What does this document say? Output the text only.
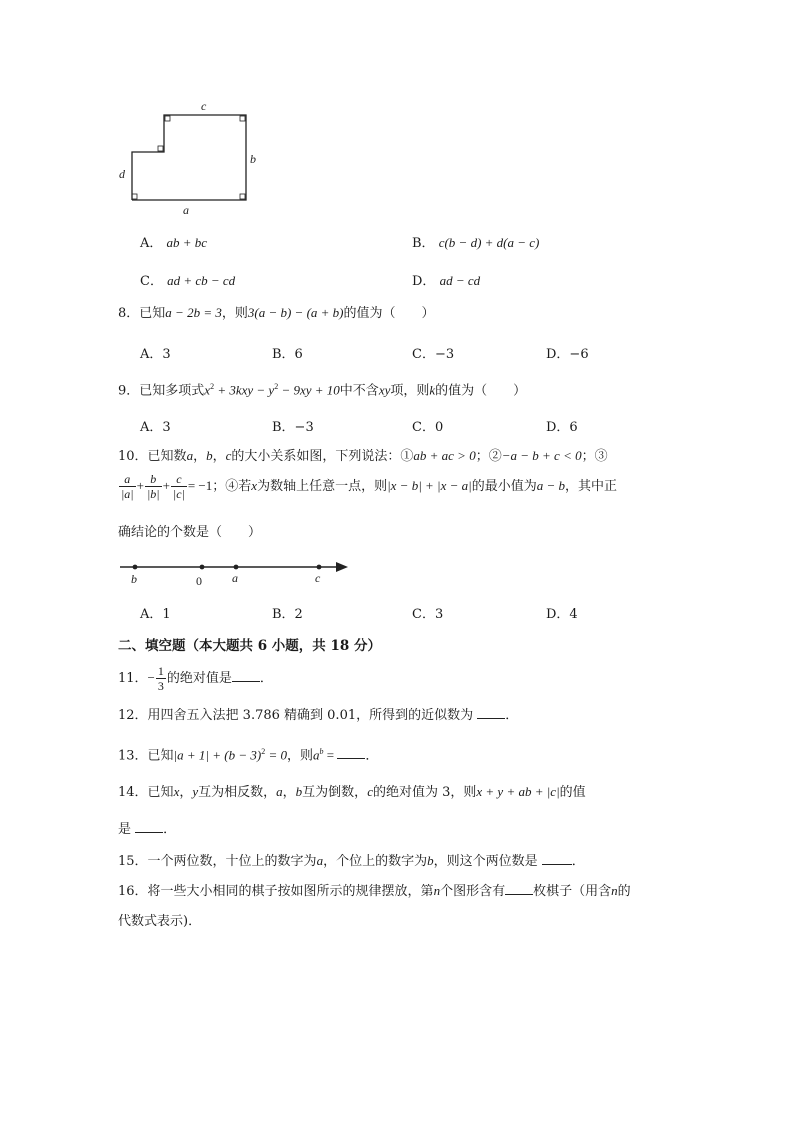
c
b
d
a
A． ab + bc	B． c(b − d) + d(a − c)
C． ad + cb − cd	D． ad − cd
8．已知a − 2b = 3，则3(a − b) − (a + b)的值为（　　）
A．3	B．6	C．−3	D．−6
9．已知多项式$x^2 + 3kxy - y^2 - 9xy + 10$中不含xy项，则k的值为（　　）
A．3	B．−3	C．0	D．6
10．已知数a，b，c的大小关系如图，下列说法：①ab + ac > 0；②−a − b + c < 0；③
$\frac{a}{|a|} + \frac{b}{|b|} + \frac{c}{|c|} = -1$；④若x为数轴上任意一点，则|x − b| + |x − a|的最小值为a − b，其中正
确结论的个数是（　　）
b	0	a	c
A．1	B．2	C．3	D．4
二、填空题（本大题共 6 小题，共 18 分）
11．− $\frac{1}{3}$ 的绝对值是 ．
12．用四舍五入法把 3.786 精确到 0.01，所得到的近似数为 ．
13．已知$|a + 1| + (b - 3)^2 = 0$，则$a^b$ = ．
14．已知x，y互为相反数，a，b互为倒数，c的绝对值为 3，则x + y + ab + |c|的值
是 ．
15．一个两位数，十位上的数字为a，个位上的数字为b，则这个两位数是	．
16．将一些大小相同的棋子按如图所示的规律摆放，第n个图形含有 枚棋子（用含n的
代数式表示)．
